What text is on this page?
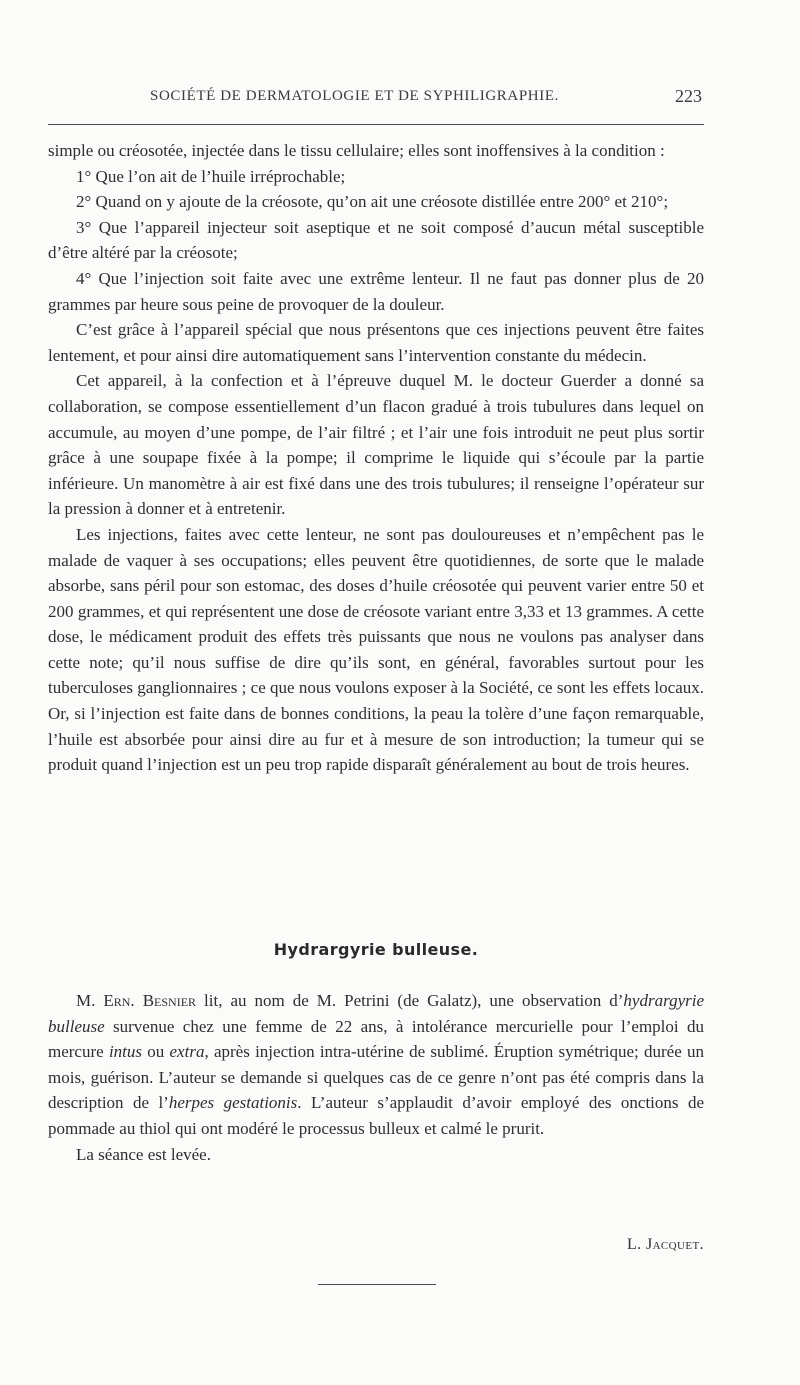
SOCIÉTÉ DE DERMATOLOGIE ET DE SYPHILIGRAPHIE.	223

simple ou créosotée, injectée dans le tissu cellulaire; elles sont inoffensives à la condition :

1° Que l’on ait de l’huile irréprochable;

2° Quand on y ajoute de la créosote, qu’on ait une créosote distillée entre 200° et 210°;

3° Que l’appareil injecteur soit aseptique et ne soit composé d’aucun métal susceptible d’être altéré par la créosote;

4° Que l’injection soit faite avec une extrême lenteur. Il ne faut pas donner plus de 20 grammes par heure sous peine de provoquer de la douleur.

C’est grâce à l’appareil spécial que nous présentons que ces injections peuvent être faites lentement, et pour ainsi dire automatiquement sans l’intervention constante du médecin.

Cet appareil, à la confection et à l’épreuve duquel M. le docteur Guerder a donné sa collaboration, se compose essentiellement d’un flacon gradué à trois tubulures dans lequel on accumule, au moyen d’une pompe, de l’air filtré ; et l’air une fois introduit ne peut plus sortir grâce à une soupape fixée à la pompe; il comprime le liquide qui s’écoule par la partie inférieure. Un manomètre à air est fixé dans une des trois tubulures; il renseigne l’opérateur sur la pression à donner et à entretenir.

Les injections, faites avec cette lenteur, ne sont pas douloureuses et n’empêchent pas le malade de vaquer à ses occupations; elles peuvent être quotidiennes, de sorte que le malade absorbe, sans péril pour son estomac, des doses d’huile créosotée qui peuvent varier entre 50 et 200 grammes, et qui représentent une dose de créosote variant entre 3,33 et 13 grammes. A cette dose, le médicament produit des effets très puissants que nous ne voulons pas analyser dans cette note; qu’il nous suffise de dire qu’ils sont, en général, favorables surtout pour les tuberculoses ganglionnaires ; ce que nous voulons exposer à la Société, ce sont les effets locaux. Or, si l’injection est faite dans de bonnes conditions, la peau la tolère d’une façon remarquable, l’huile est absorbée pour ainsi dire au fur et à mesure de son introduction; la tumeur qui se produit quand l’injection est un peu trop rapide disparaît généralement au bout de trois heures.

Hydrargyrie bulleuse.

M. Ern. Besnier lit, au nom de M. Petrini (de Galatz), une observation d’hydrargyrie bulleuse survenue chez une femme de 22 ans, à intolérance mercurielle pour l’emploi du mercure intus ou extra, après injection intra-utérine de sublimé. Éruption symétrique; durée un mois, guérison. L’auteur se demande si quelques cas de ce genre n’ont pas été compris dans la description de l’herpes gestationis. L’auteur s’applaudit d’avoir employé des onctions de pommade au thiol qui ont modéré le processus bulleux et calmé le prurit.

La séance est levée.

L. Jacquet.
